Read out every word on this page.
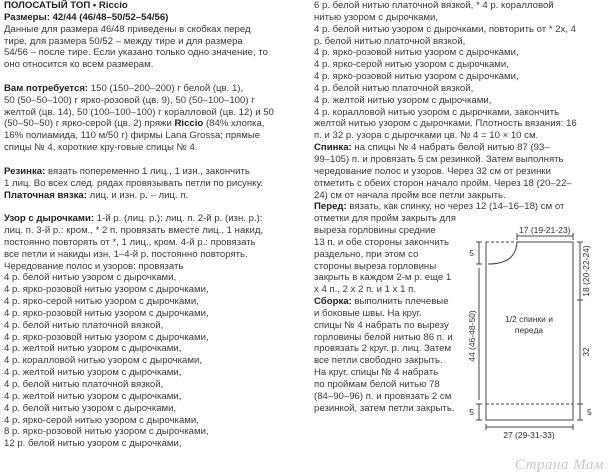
ПОЛОСАТЫЙ ТОП • Riccio
Размеры: 42/44 (46/48–50/52–54/56)
Данные для размера 46/48 приведены в скобках перед
тире, для размера 50/52 – между тире и для размера
54/56 – после тире. Если указано только одно значение, то
оно относится ко всем размерам.
Вам потребуется: 150 (150–200–200) г белой (цв. 1),
50 (50–50–100) г ярко-розовой (цв. 9), 50 (50–100–100) г
желтой (цв. 14), 50 (100–100–100) г коралловой (цв. 12) и 50
(50–50–50) г ярко-серой (цв. 2) пряжи Riccio (84% хлопка,
16% полиамида, 110 м/50 г) фирмы Lana Grossa; прямые
спицы № 4, короткие кру-говые спицы № 4.
Резинка: вязать попеременно 1 лиц., 1 изн., закончить
1 лиц. Во всех след. рядах провязывать петли по рисунку.
Платочная вязка: лиц. и изн. р. – лиц. п.
Узор с дырочками: 1-й р. (лиц. р.): лиц. п. 2-й р. (изн. р.):
лиц. п. 3-й р.: кром., * 2 п. провязать вместе лиц., 1 накид,
постоянно повторять от *, 1 лиц., кром. 4-й р.: провязать
все петли и накиды изн. 1–4-й р. постоянно повторять.
Чередование полос и узоров: провязать
4 р. белой нитью узором с дырочками,
4 р. ярко-розовой нитью узором с дырочками,
4 р. ярко-серой нитью узором с дырочками,
4 р. ярко-розовой нитью узором с дырочками,
4 р. белой нитью платочной вязкой,
4 р. ярко-розовой нитью узором с дырочками,
4 р. желтой нитью узором с дырочками,
4 р. коралловой нитью узором с дырочками,
4 р. желтой нитью узором с дырочками,
4 р. белой нитью платочной вязкой,
4 р. желтой нитью узором с дырочками,
4 р. белой нитью узором с дырочками,
4 р. ярко-серой нитью узором с дырочками,
8 р. ярко-розовой нитью узором с дырочками,
12 р. белой нитью узором с дырочками,
6 р. белой нитью платочной вязкой, * 4 р. коралловой
нитью узором с дырочками,
4 р. белой нитью узором с дырочками, повторить от * 2х, 4
р. белой нитью платочной вязкой,
4 р. ярко-розовой нитью узором с дырочками,
4 р. ярко-серой нитью узором с дырочками,
4 р. ярко-розовой нитью узором с дырочками,
4 р. белой нитью платочной вязкой,
4 р. желтой нитью узором с дырочками,
4 р. коралловой нитью узором с дырочками, закончить
желтой нитью узором с дырочками. Плотность вязания: 16
п. и 32 р. узора с дырочками цв. № 4 = 10 × 10 см.
Спинка: на спицы № 4 набрать белой нитью 87 (93–
99–105) п. и провязать 5 см резинкой. Затем выполнять
чередование полос и узоров. Через 32 см от резинки
отметить с обеих сторон начало пройм. Через 18 (20–22–
24) см от начала пройм все петли закрыть.
Перед: вязать, как спинку, но через 12 (14–16–18) см от
отметки для пройм закрыть для
выреза горловины средние
13 п. и обе стороны закончить
раздельно, при этом со
стороны выреза горловины
закрыть в каждом 2-м р. еще 1
х 4 п., 2 х 2 п. и 1 х 1 п.
Сборка: выполнить плечевые
и боковые швы. На круг.
спицы № 4 набрать по вырезу
горловины белой нитью 86 п. и
провязать 2 круг. р. лиц. Затем
все петли свободно закрыть.
На круг. спицы № 4 набрать
по проймам белой нитью 78
(84–90–96) п. и провязать 2 см
резинкой, затем петли закрыть.
17 (19-21-23)
5	18 (20-22-24)
32
5
44 (46-48-50)
5
1/2 спинки и
переда
27 (29-31-33)
Страна Мам
